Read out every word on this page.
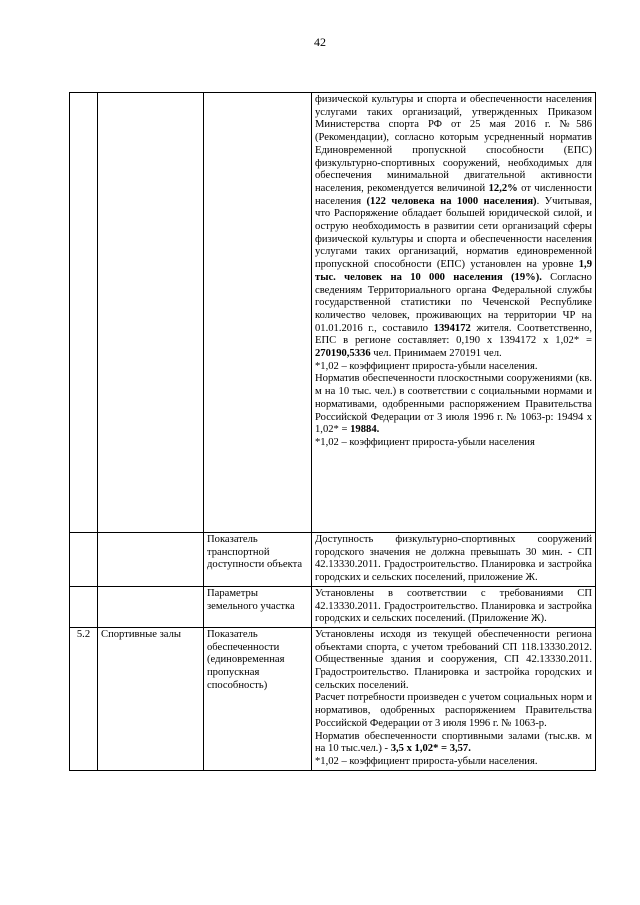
42

			физической культуры и спорта и обеспеченности населения услугами таких организаций, утвержденных Приказом Министерства спорта РФ от 25 мая 2016 г. №586 (Рекомендации), согласно которым усредненный норматив Единовременной пропускной способности (ЕПС) физкультурно-спортивных сооружений, необходимых для обеспечения минимальной двигательной активности населения, рекомендуется величиной 12,2% от численности населения (122 человека на 1000 населения). Учитывая, что Распоряжение обладает большей юридической силой, и острую необходимость в развитии сети организаций сферы физической культуры и спорта и обеспеченности населения услугами таких организаций, норматив единовременной пропускной способности (ЕПС) установлен на уровне 1,9 тыс. человек на 10 000 населения (19%). Согласно сведениям Территориального органа Федеральной службы государственной статистики по Чеченской Республике количество человек, проживающих на территории ЧР на 01.01.2016 г., составило 1394172 жителя. Соответственно, ЕПС в регионе составляет: 0,190 х 1394172 х 1,02* = 270190,5336 чел. Принимаем 270191 чел.
*1,02 – коэффициент прироста-убыли населения.
Норматив обеспеченности плоскостными сооружениями (кв. м на 10 тыс. чел.) в соответствии с социальными нормами и нормативами, одобренными распоряжением Правительства Российской Федерации от 3 июля 1996 г. № 1063-р: 19494 х 1,02* = 19884.
*1,02 – коэффициент прироста-убыли населения

		Показатель транспортной доступности объекта	Доступность физкультурно-спортивных сооружений городского значения не должна превышать 30 мин. - СП 42.13330.2011. Градостроительство. Планировка и застройка городских и сельских поселений, приложение Ж.
		Параметры земельного участка	Установлены в соответствии с требованиями СП 42.13330.2011. Градостроительство. Планировка и застройка городских и сельских поселений. (Приложение Ж).
5.2	Спортивные залы	Показатель обеспеченности (единовременная пропускная способность)	Установлены исходя из текущей обеспеченности региона объектами спорта, с учетом требований СП 118.13330.2012. Общественные здания и сооружения, СП 42.13330.2011. Градостроительство. Планировка и застройка городских и сельских поселений.
Расчет потребности произведен с учетом социальных норм и нормативов, одобренных распоряжением Правительства Российской Федерации от 3 июля 1996 г. № 1063-р.
Норматив обеспеченности спортивными залами (тыс.кв. м на 10 тыс.чел.) - 3,5 х 1,02* = 3,57.
*1,02 – коэффициент прироста-убыли населения.
